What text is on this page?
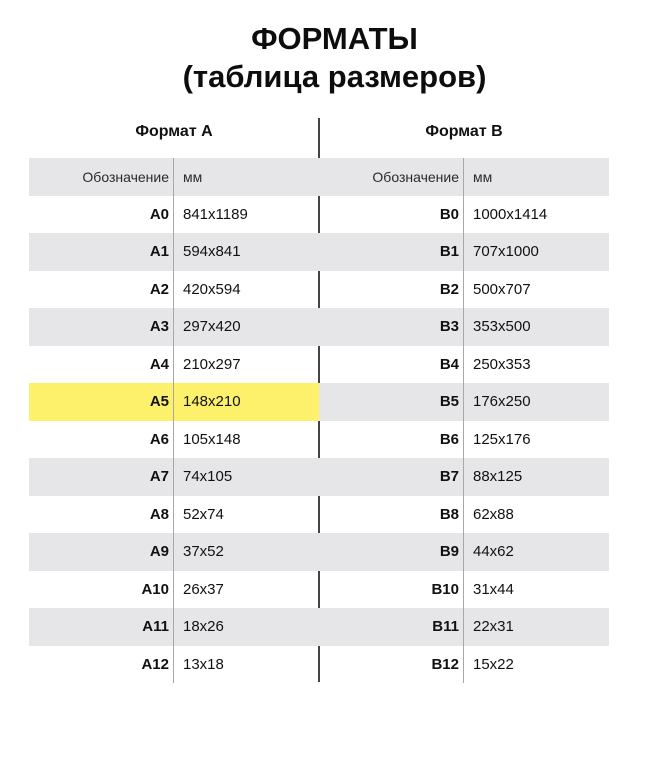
ФОРМАТЫ
(таблица размеров)
Формат А
Обозначение	мм
A0 841x1189
A1 594x841
A2 420x594
A3 297x420
A4 210x297
A5 148x210
A6 105x148
A7 74x105
A8 52x74
A9 37x52
A10 26x37
A11 18x26
A12 13x18
Формат B
Обозначение	мм
B0 1000x1414
B1 707x1000
B2 500x707
B3 353x500
B4 250x353
B5 176x250
B6 125x176
B7 88x125
B8 62x88
B9 44x62
B10 31x44
B11 22x31
B12 15x22
